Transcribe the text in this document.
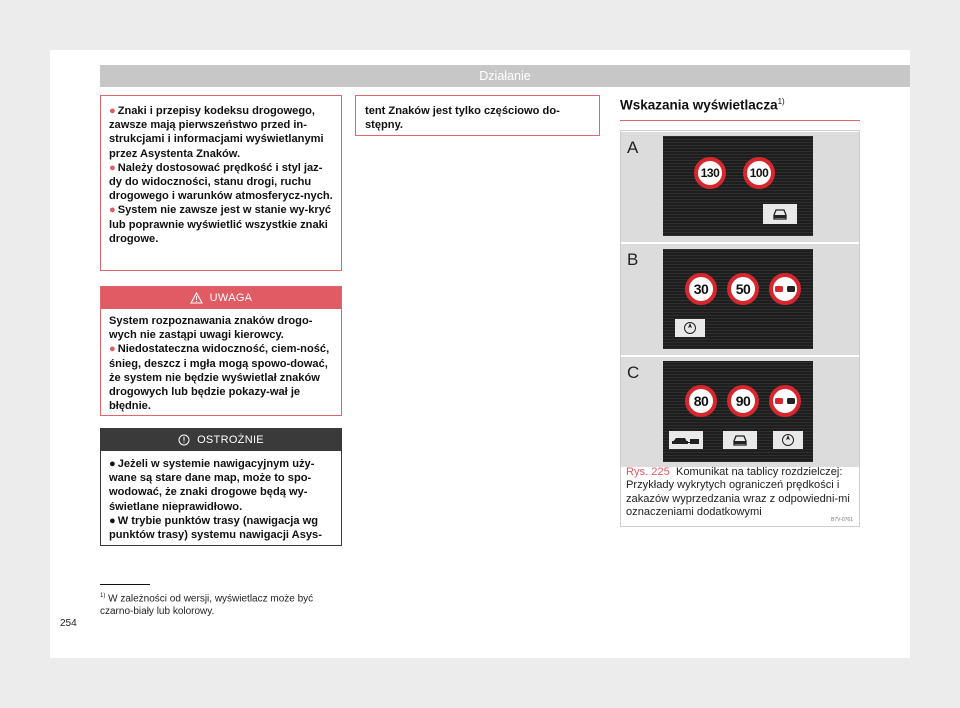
Działanie

● Znaki i przepisy kodeksu drogowego, zawsze mają pierwszeństwo przed in-strukcjami i informacjami wyświetlanymi przez Asystenta Znaków.

● Należy dostosować prędkość i styl jaz-dy do widoczności, stanu drogi, ruchu drogowego i warunków atmosferycz-nych.

● System nie zawsze jest w stanie wy-kryć lub poprawnie wyświetlić wszystkie znaki drogowe.

UWAGA

System rozpoznawania znaków drogo-wych nie zastąpi uwagi kierowcy.

● Niedostateczna widoczność, ciem-ność, śnieg, deszcz i mgła mogą spowo-dować, że system nie będzie wyświetlał znaków drogowych lub będzie pokazy-wał je błędnie.

OSTROŻNIE

● Jeżeli w systemie nawigacyjnym uży-wane są stare dane map, może to spo-wodować, że znaki drogowe będą wy-świetlane nieprawidłowo.

● W trybie punktów trasy (nawigacja wg punktów trasy) systemu nawigacji Asys-

tent Znaków jest tylko częściowo do-stępny.

Wskazania wyświetlacza$^{1)}$
A
130	100
B
30	50
C
80	90
B7V-0761
Rys. 225 Komunikat na tablicy rozdzielczej: Przykłady wykrytych ograniczeń prędkości i zakazów wyprzedzania wraz z odpowiedni-mi oznaczeniami dodatkowymi
$^{1)}$ W zależności od wersji, wyświetlacz może być czarno-biały lub kolorowy.
254
